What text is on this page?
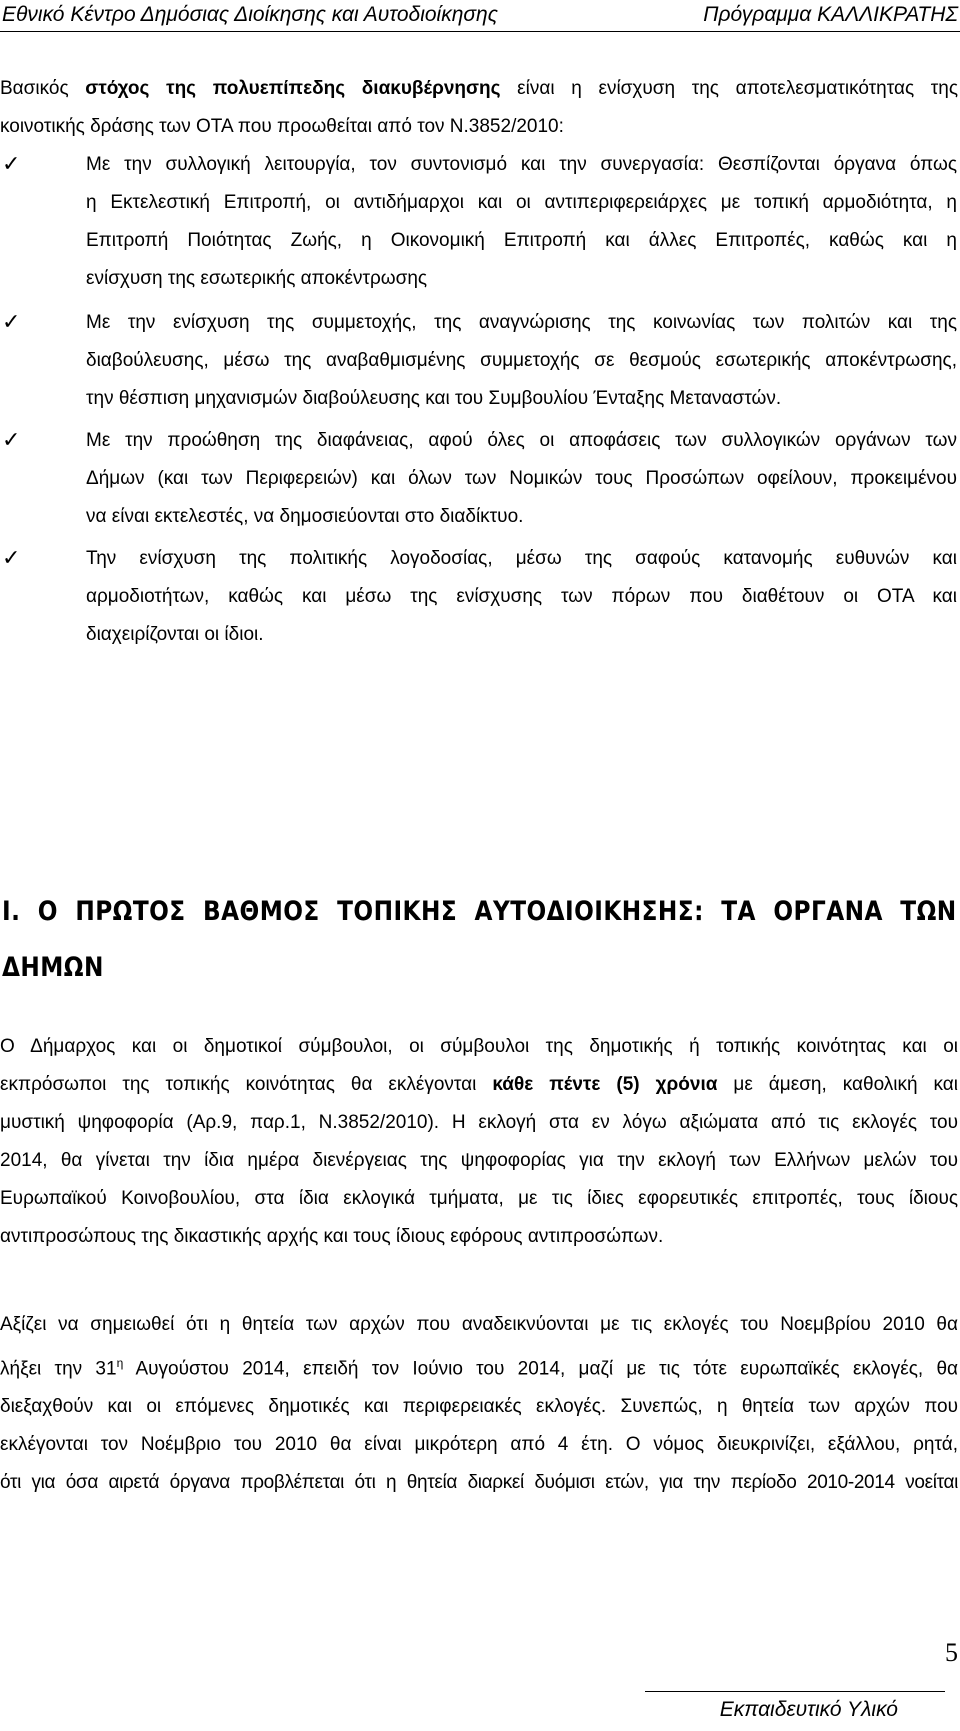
Εθνικό Κέντρο Δημόσιας Διοίκησης και Αυτοδιοίκησης	Πρόγραμμα ΚΑΛΛΙΚΡΑΤΗΣ
Βασικός στόχος της πολυεπίπεδης διακυβέρνησης είναι η ενίσχυση της αποτελεσματικότητας της
κοινοτικής δράσης των ΟΤΑ που προωθείται από τον Ν.3852/2010:
✓	Με την συλλογική λειτουργία, τον συντονισμό και την συνεργασία: Θεσπίζονται όργανα όπως
η Εκτελεστική Επιτροπή, οι αντιδήμαρχοι και οι αντιπεριφερειάρχες με τοπική αρμοδιότητα, η
Επιτροπή Ποιότητας Ζωής, η Οικονομική Επιτροπή και άλλες Επιτροπές, καθώς και η
ενίσχυση της εσωτερικής αποκέντρωσης
✓	Με την ενίσχυση της συμμετοχής, της αναγνώρισης της κοινωνίας των πολιτών και της
διαβούλευσης, μέσω της αναβαθμισμένης συμμετοχής σε θεσμούς εσωτερικής αποκέντρωσης,
την θέσπιση μηχανισμών διαβούλευσης και του Συμβουλίου Ένταξης Μεταναστών.
✓	Με την προώθηση της διαφάνειας, αφού όλες οι αποφάσεις των συλλογικών οργάνων των
Δήμων (και των Περιφερειών) και όλων των Νομικών τους Προσώπων οφείλουν, προκειμένου
να είναι εκτελεστές, να δημοσιεύονται στο διαδίκτυο.
✓	Την ενίσχυση της πολιτικής λογοδοσίας, μέσω της σαφούς κατανομής ευθυνών και
αρμοδιοτήτων, καθώς και μέσω της ενίσχυσης των πόρων που διαθέτουν οι ΟΤΑ και
διαχειρίζονται οι ίδιοι.
Ι. Ο ΠΡΩΤΟΣ ΒΑΘΜΟΣ ΤΟΠΙΚΗΣ ΑΥΤΟΔΙΟΙΚΗΣΗΣ: ΤΑ ΟΡΓΑΝΑ ΤΩΝ
ΔΗΜΩΝ
Ο Δήμαρχος και οι δημοτικοί σύμβουλοι, οι σύμβουλοι της δημοτικής ή τοπικής κοινότητας και οι
εκπρόσωποι της τοπικής κοινότητας θα εκλέγονται κάθε πέντε (5) χρόνια με άμεση, καθολική και
μυστική ψηφοφορία (Αρ.9, παρ.1, Ν.3852/2010). Η εκλογή στα εν λόγω αξιώματα από τις εκλογές του
2014, θα γίνεται την ίδια ημέρα διενέργειας της ψηφοφορίας για την εκλογή των Ελλήνων μελών του
Ευρωπαϊκού Κοινοβουλίου, στα ίδια εκλογικά τμήματα, με τις ίδιες εφορευτικές επιτροπές, τους ίδιους
αντιπροσώπους της δικαστικής αρχής και τους ίδιους εφόρους αντιπροσώπων.
Αξίζει να σημειωθεί ότι η θητεία των αρχών που αναδεικνύονται με τις εκλογές του Νοεμβρίου 2010 θα
λήξει την $31^\eta$ Αυγούστου 2014, επειδή τον Ιούνιο του 2014, μαζί με τις τότε ευρωπαϊκές εκλογές, θα
διεξαχθούν και οι επόμενες δημοτικές και περιφερειακές εκλογές. Συνεπώς, η θητεία των αρχών που
εκλέγονται τον Νοέμβριο του 2010 θα είναι μικρότερη από 4 έτη. Ο νόμος διευκρινίζει, εξάλλου, ρητά,
ότι για όσα αιρετά όργανα προβλέπεται ότι η θητεία διαρκεί δυόμισι ετών, για την περίοδο 2010-2014 νοείται
5
Εκπαιδευτικό Υλικό
